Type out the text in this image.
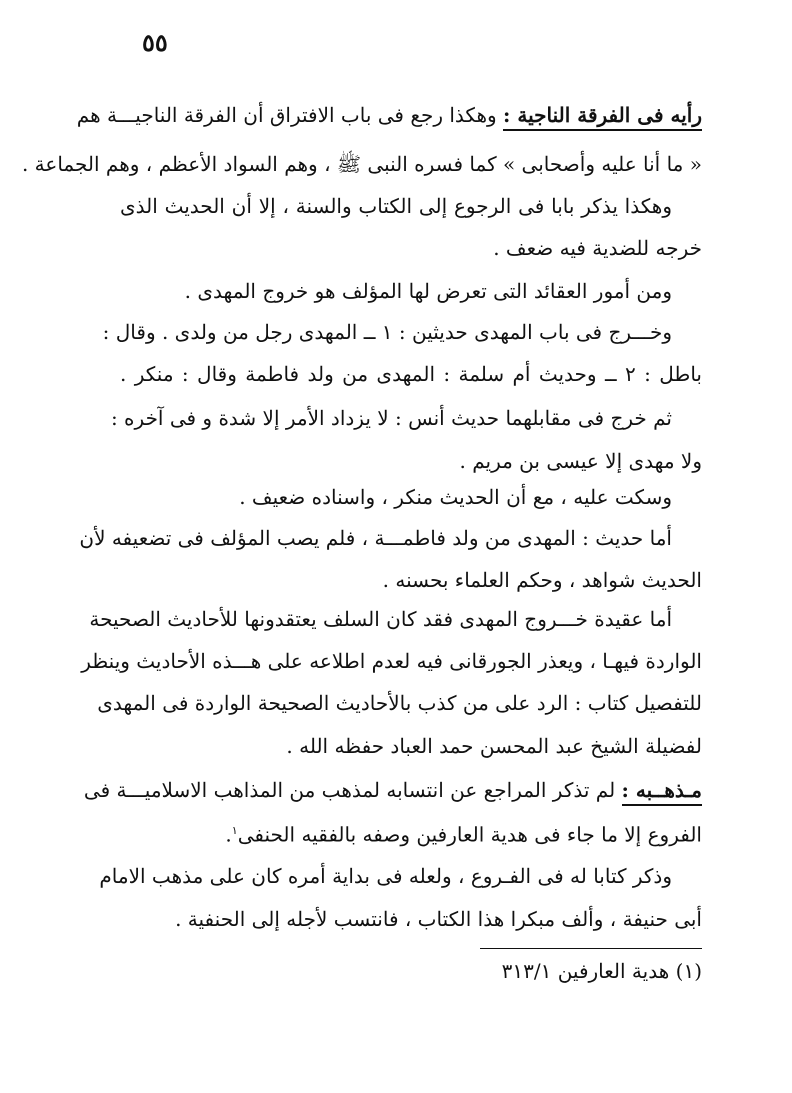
٥٥
رأيه فى الفرقة الناجية : وهكذا رجع فى باب الافتراق أن الفرقة الناجيـــة هم
« ما أنا عليه وأصحابى » كما فسره النبى ﷺ ، وهم السواد الأعظم ، وهم الجماعة .
وهكذا يذكر بابا فى الرجوع إلى الكتاب والسنة ، إلا أن الحديث الذى
خرجه للضدية فيه ضعف .
ومن أمور العقائد التى تعرض لها المؤلف هو خروج المهدى .
وخـــرج فى باب المهدى حديثين : ١ ــ المهدى رجل من ولدى . وقال :
باطل : ٢ ــ وحديث أم سلمة : المهدى من ولد فاطمة وقال : منكر .
ثم خرج فى مقابلهما حديث أنس : لا يزداد الأمر إلا شدة و فى آخره :
ولا مهدى إلا عيسى بن مريم .
وسكت عليه ، مع أن الحديث منكر ، واسناده ضعيف .
أما حديث : المهدى من ولد فاطمـــة ، فلم يصب المؤلف فى تضعيفه لأن
الحديث شواهد ، وحكم العلماء بحسنه .
أما عقيدة خـــروج المهدى فقد كان السلف يعتقدونها للأحاديث الصحيحة
الواردة فيهـا ، ويعذر الجورقانى فيه لعدم اطلاعه على هـــذه الأحاديث وينظر
للتفصيل كتاب : الرد على من كذب بالأحاديث الصحيحة الواردة فى المهدى
لفضيلة الشيخ عبد المحسن حمد العباد حفظه الله .
مـذهــبه : لم تذكر المراجع عن انتسابه لمذهب من المذاهب الاسلاميـــة فى
الفروع إلا ما جاء فى هدية العارفين وصفه بالفقيه الحنفى$^١$.
وذكر كتابا له فى الفـروع ، ولعله فى بداية أمره كان على مذهب الامام
أبى حنيفة ، وألف مبكرا هذا الكتاب ، فانتسب لأجله إلى الحنفية .
(١) هدية العارفين ٣١٣/١
